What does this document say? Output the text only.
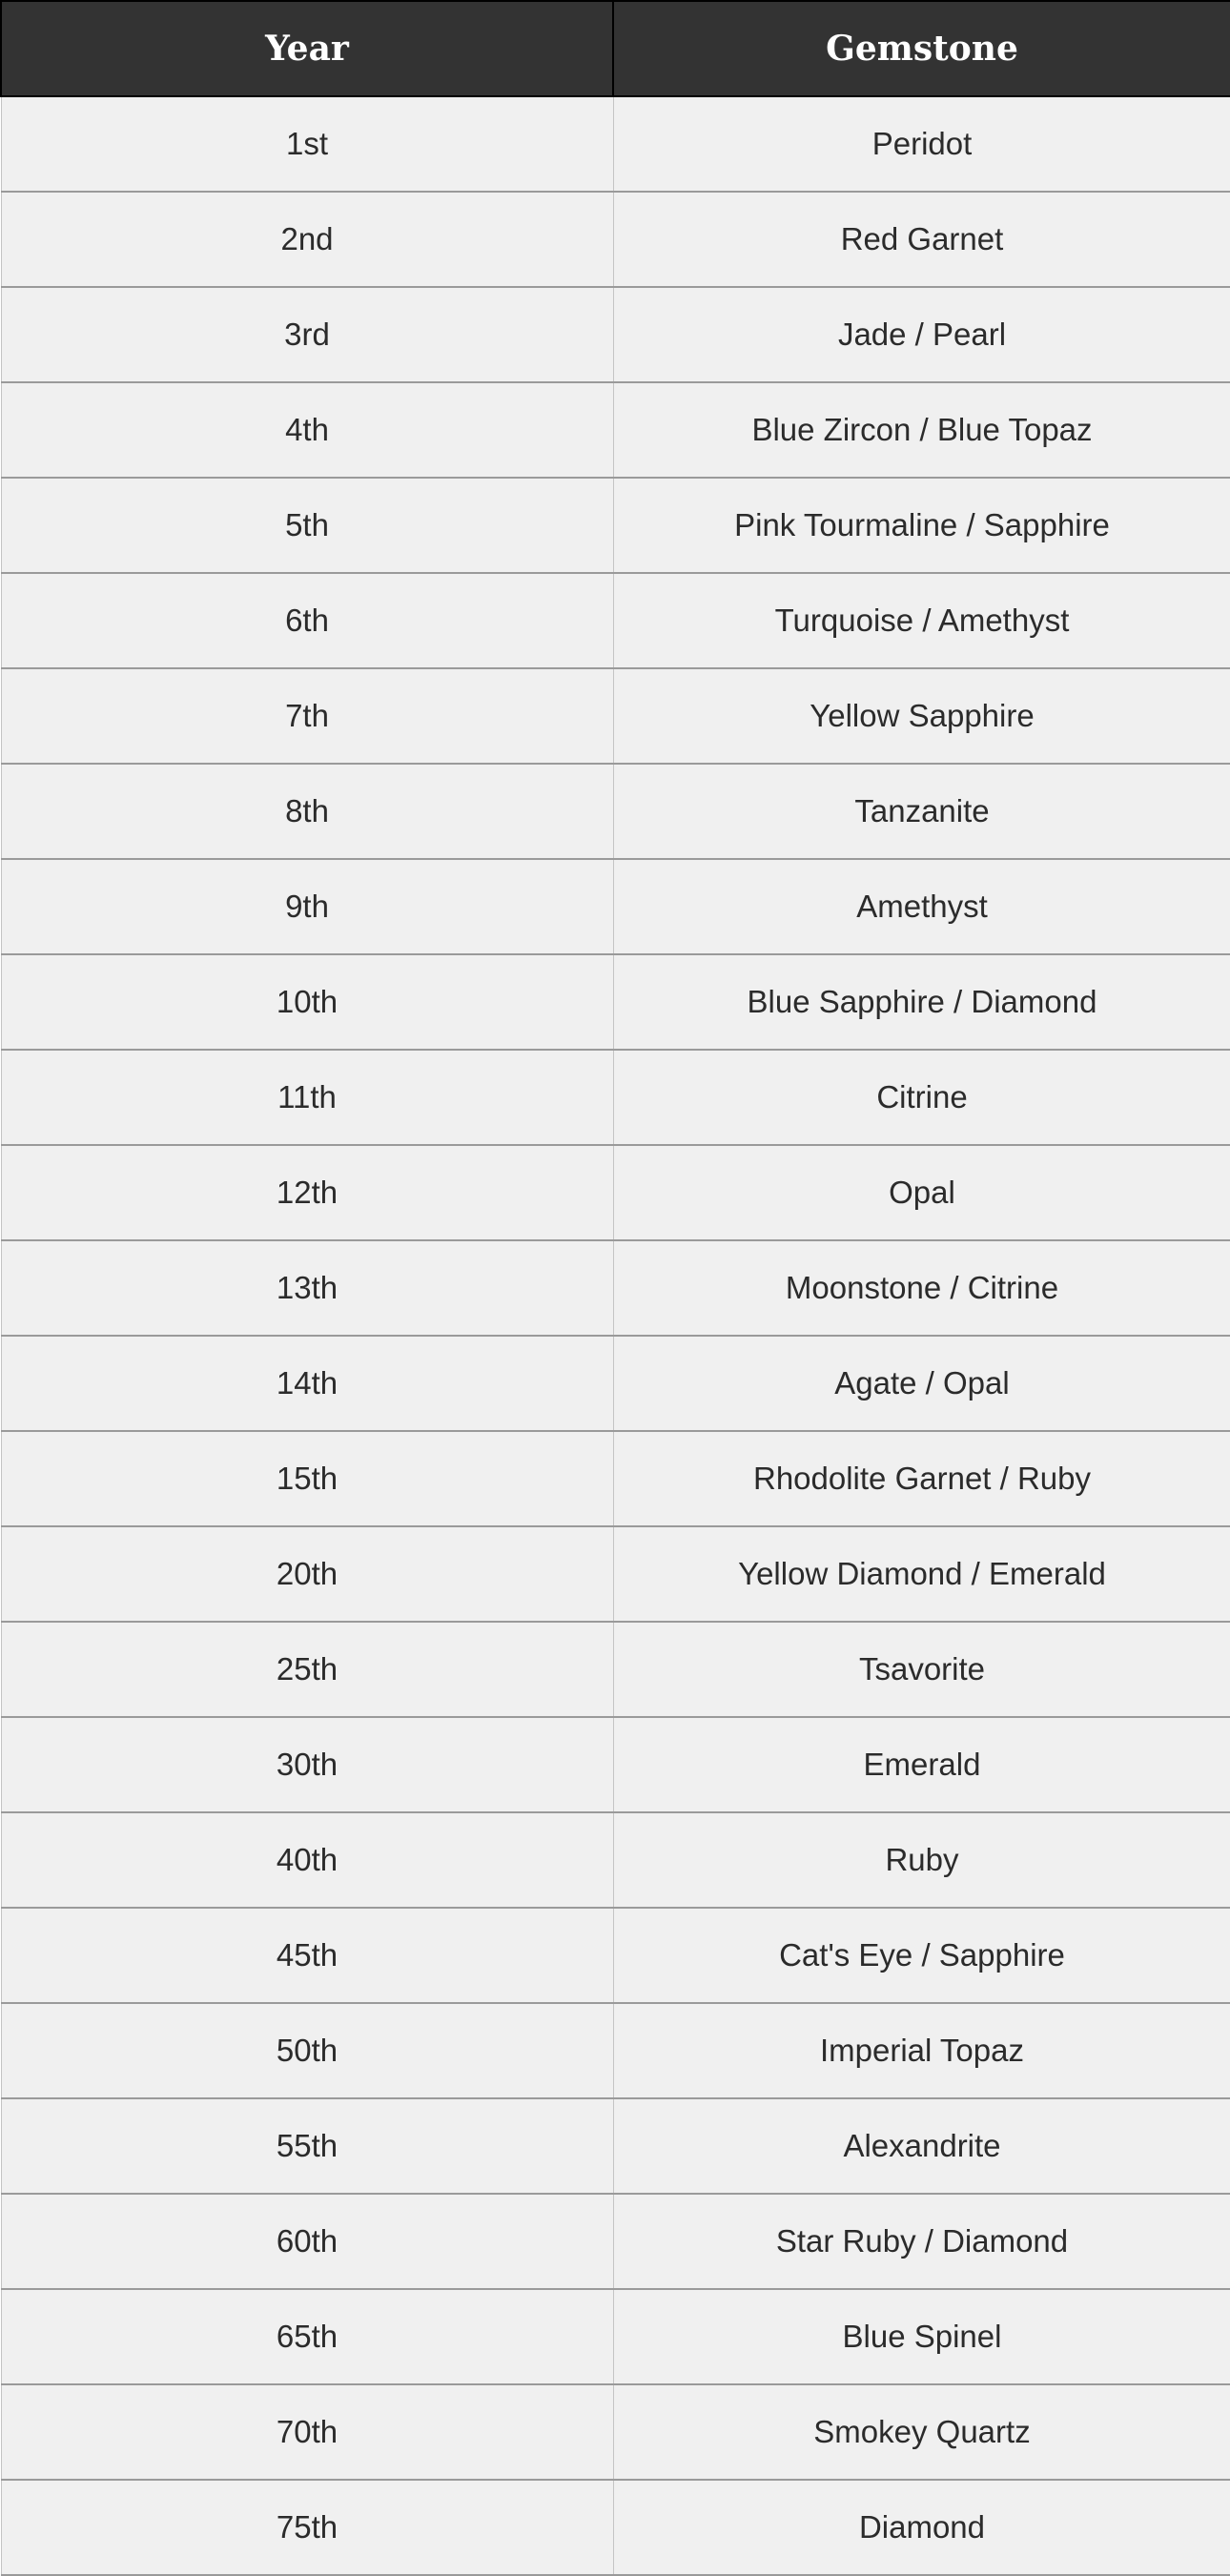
Year	Gemstone
1st	Peridot
2nd	Red Garnet
3rd	Jade / Pearl
4th	Blue Zircon / Blue Topaz
5th	Pink Tourmaline / Sapphire
6th	Turquoise / Amethyst
7th	Yellow Sapphire
8th	Tanzanite
9th	Amethyst
10th	Blue Sapphire / Diamond
11th	Citrine
12th	Opal
13th	Moonstone / Citrine
14th	Agate / Opal
15th	Rhodolite Garnet / Ruby
20th	Yellow Diamond / Emerald
25th	Tsavorite
30th	Emerald
40th	Ruby
45th	Cat's Eye / Sapphire
50th	Imperial Topaz
55th	Alexandrite
60th	Star Ruby / Diamond
65th	Blue Spinel
70th	Smokey Quartz
75th	Diamond
